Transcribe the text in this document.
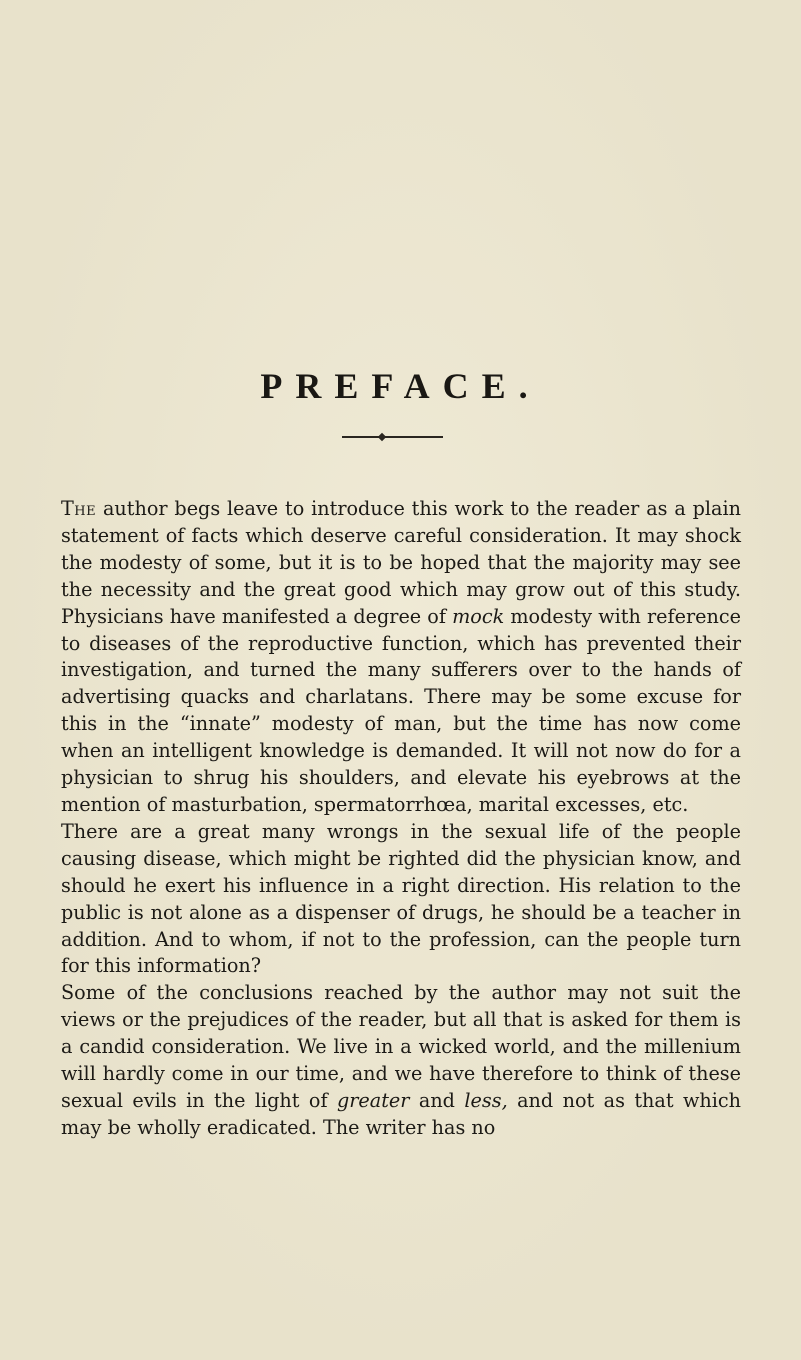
PREFACE.

The author begs leave to introduce this work to the reader as a plain statement of facts which deserve careful consideration. It may shock the modesty of some, but it is to be hoped that the majority may see the necessity and the great good which may grow out of this study. Physicians have manifested a degree of mock modesty with reference to diseases of the reproductive function, which has prevented their investigation, and turned the many sufferers over to the hands of advertising quacks and charlatans. There may be some excuse for this in the “innate” modesty of man, but the time has now come when an intelligent knowledge is demanded. It will not now do for a physician to shrug his shoulders, and elevate his eyebrows at the mention of masturbation, spermatorrhœa, marital excesses, etc.

There are a great many wrongs in the sexual life of the people causing disease, which might be righted did the physician know, and should he exert his influence in a right direction. His relation to the public is not alone as a dispenser of drugs, he should be a teacher in addition. And to whom, if not to the profession, can the people turn for this information?

Some of the conclusions reached by the author may not suit the views or the prejudices of the reader, but all that is asked for them is a candid consideration. We live in a wicked world, and the millenium will hardly come in our time, and we have therefore to think of these sexual evils in the light of greater and less, and not as that which may be wholly eradicated. The writer has no
